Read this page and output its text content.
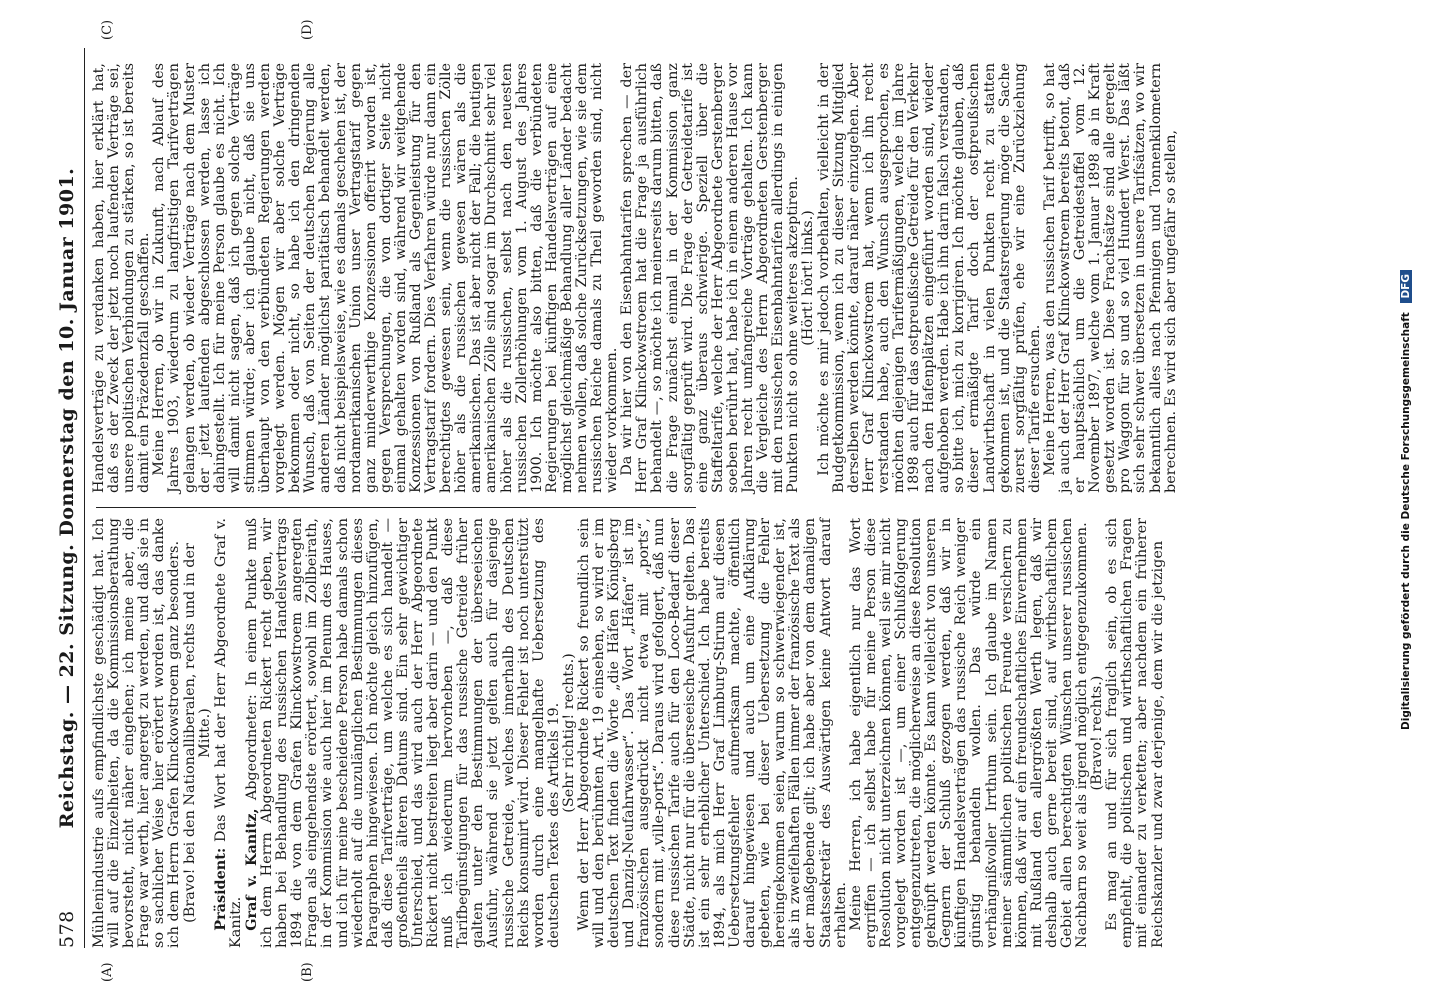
578
Reichstag. — 22. Sitzung. Donnerstag den 10. Januar 1901.
(A)	(B)
(C)	(D)

Mühlenindustrie aufs empfindlichste geschädigt hat. Ich will auf die Einzelheiten, da die Kommissionsberathung bevorsteht, nicht näher eingehen; ich meine aber, die Frage war werth, hier angeregt zu werden, und daß sie in so sachlicher Weise hier erörtert worden ist, das danke ich dem Herrn Grafen Klinckowstroem ganz besonders. (Bravo! bei den Nationalliberalen, rechts und in der Mitte.)

Präsident: Das Wort hat der Herr Abgeordnete Graf v. Kanitz. Graf v. Kanitz, Abgeordneter: In einem Punkte muß ich dem Herrn Abgeordneten Rickert recht geben, wir haben bei Behandlung des russischen Handelsvertrags 1894 die von dem Grafen Klinckowstroem angeregten Fragen als eingehendste erörtert, sowohl im Zollbeirath, in der Kommission wie auch hier im Plenum des Hauses, und ich für meine bescheidene Person habe damals schon wiederholt auf die unzulänglichen Bestimmungen dieses Paragraphen hingewiesen. Ich möchte gleich hinzufügen, daß diese Tarifverträge, um welche es sich handelt — großentheils älteren Datums sind. Ein sehr gewichtiger Unterschied, und das wird auch der Herr Abgeordnete Rickert nicht bestreiten liegt aber darin — und den Punkt muß ich wiederum hervorheben —, daß diese Tarifbegünstigungen für das russische Getreide früher galten unter den Bestimmungen der überseeischen Ausfuhr, während sie jetzt gelten auch für dasjenige russische Getreide, welches innerhalb des Deutschen Reichs konsumirt wird. Dieser Fehler ist noch unterstützt worden durch eine mangelhafte Uebersetzung des deutschen Textes des Artikels 19. (Sehr richtig! rechts.) Wenn der Herr Abgeordnete Rickert so freundlich sein will und den berühmten Art. 19 einsehen, so wird er im deutschen Text finden die Worte „die Häfen Königsberg und Danzig-Neufahrwasser“. Das Wort „Häfen“ ist im französischen ausgedrückt nicht etwa mit „ports“, sondern mit „ville-ports“. Daraus wird gefolgert, daß nun diese russischen Tarife auch für den Loco-Bedarf dieser Städte, nicht nur für die überseeische Ausfuhr gelten. Das ist ein sehr erheblicher Unterschied. Ich habe bereits 1894, als mich Herr Graf Limburg-Stirum auf diesen Uebersetzungsfehler aufmerksam machte, öffentlich darauf hingewiesen und auch um eine Aufklärung gebeten, wie bei dieser Uebersetzung die Fehler hereingekommen seien, warum so schwerwiegender ist, als in zweifelhaften Fällen immer der französische Text als der maßgebende gilt; ich habe aber von dem damaligen Staatssekretär des Auswärtigen keine Antwort darauf erhalten. Meine Herren, ich habe eigentlich nur das Wort ergriffen — ich selbst habe für meine Person diese Resolution nicht unterzeichnen können, weil sie mir nicht vorgelegt worden ist —, um einer Schlußfolgerung entgegenzutreten, die möglicherweise an diese Resolution geknüpft werden könnte. Es kann vielleicht von unseren Gegnern der Schluß gezogen werden, daß wir in künftigen Handelsverträgen das russische Reich weniger günstig behandeln wollen. Das würde ein verhängnißvoller Irrthum sein. Ich glaube im Namen meiner sämmtlichen politischen Freunde versichern zu können, daß wir auf ein freundschaftliches Einvernehmen mit Rußland den allergrößten Werth legen, daß wir deshalb auch gerne bereit sind, auf wirthschaftlichem Gebiet allen berechtigten Wünschen unserer russischen Nachbarn so weit als irgend möglich entgegenzukommen. (Bravo! rechts.) Es mag an und für sich fraglich sein, ob es sich empfiehlt, die politischen und wirthschaftlichen Fragen mit einander zu verketten; aber nachdem ein früherer Reichskanzler und zwar derjenige, dem wir die jetzigen

Handelsverträge zu verdanken haben, hier erklärt hat, daß es der Zweck der jetzt noch laufenden Verträge sei, unsere politischen Verbindungen zu stärken, so ist bereits damit ein Präzedenzfall geschaffen. Meine Herren, ob wir in Zukunft, nach Ablauf des Jahres 1903, wiederum zu langfristigen Tarifverträgen gelangen werden, ob wieder Verträge nach dem Muster der jetzt laufenden abgeschlossen werden, lasse ich dahingestellt. Ich für meine Person glaube es nicht. Ich will damit nicht sagen, daß ich gegen solche Verträge stimmen würde; aber ich glaube nicht, daß sie uns überhaupt von den verbündeten Regierungen werden vorgelegt werden. Mögen wir aber solche Verträge bekommen oder nicht, so habe ich den dringenden Wunsch, daß von Seiten der deutschen Regierung alle anderen Länder möglichst paritätisch behandelt werden, daß nicht beispielsweise, wie es damals geschehen ist, der nordamerikanischen Union unser Vertragstarif gegen ganz minderwerthige Konzessionen offerirt worden ist, gegen Versprechungen, die von dortiger Seite nicht einmal gehalten worden sind, während wir weitgehende Konzessionen von Rußland als Gegenleistung für den Vertragstarif fordern. Dies Verfahren würde nur dann ein berechtigtes gewesen sein, wenn die russischen Zölle höher als die russischen gewesen wären als die amerikanischen. Das ist aber nicht der Fall; die heutigen amerikanischen Zölle sind sogar im Durchschnitt sehr viel höher als die russischen, selbst nach den neuesten russischen Zollerhöhungen vom 1. August des Jahres 1900. Ich möchte also bitten, daß die verbündeten Regierungen bei künftigen Handelsverträgen auf eine möglichst gleichmäßige Behandlung aller Länder bedacht nehmen wollen, daß solche Zurücksetzungen, wie sie dem russischen Reiche damals zu Theil geworden sind, nicht wieder vorkommen. Da wir hier von den Eisenbahntarifen sprechen — der Herr Graf Klinckowstroem hat die Frage ja ausführlich behandelt —, so möchte ich meinerseits darum bitten, daß die Frage zunächst einmal in der Kommission ganz sorgfältig geprüft wird. Die Frage der Getreidetarife ist eine ganz überaus schwierige. Speziell über die Staffeltarife, welche der Herr Abgeordnete Gerstenberger soeben berührt hat, habe ich in einem anderen Hause vor Jahren recht umfangreiche Vorträge gehalten. Ich kann die Vergleiche des Herrn Abgeordneten Gerstenberger mit den russischen Eisenbahntarifen allerdings in einigen Punkten nicht so ohne weiteres akzeptiren. (Hört! hört! links.) Ich möchte es mir jedoch vorbehalten, vielleicht in der Budgetkommission, wenn ich zu dieser Sitzung Mitglied derselben werden könnte, darauf näher einzugehen. Aber Herr Graf Klinckowstroem hat, wenn ich ihn recht verstanden habe, auch den Wunsch ausgesprochen, es möchten diejenigen Tarifermäßigungen, welche im Jahre 1898 auch für das ostpreußische Getreide für den Verkehr nach den Hafenplätzen eingeführt worden sind, wieder aufgehoben werden. Habe ich ihn darin falsch verstanden, so bitte ich, mich zu korrigiren. Ich möchte glauben, daß dieser ermäßigte Tarif doch der ostpreußischen Landwirthschaft in vielen Punkten recht zu statten gekommen ist, und die Staatsregierung möge die Sache zuerst sorgfältig prüfen, ehe wir eine Zurückziehung dieser Tarife ersuchen. Meine Herren, was den russischen Tarif betrifft, so hat ja auch der Herr Graf Klinckowstroem bereits betont, daß er hauptsächlich um die Getreidestaffel vom 12. November 1897, welche vom 1. Januar 1898 ab in Kraft gesetzt worden ist. Diese Frachtsätze sind alle geregelt pro Waggon für so und so viel Hundert Werst. Das läßt sich sehr schwer übersetzen in unsere Tarifsätzen, wo wir bekanntlich alles nach Pfennigen und Tonnenkilometern berechnen. Es wird sich aber ungefähr so stellen,

Digitalisierung gefördert durch die Deutsche Forschungsgemeinschaft DFG
